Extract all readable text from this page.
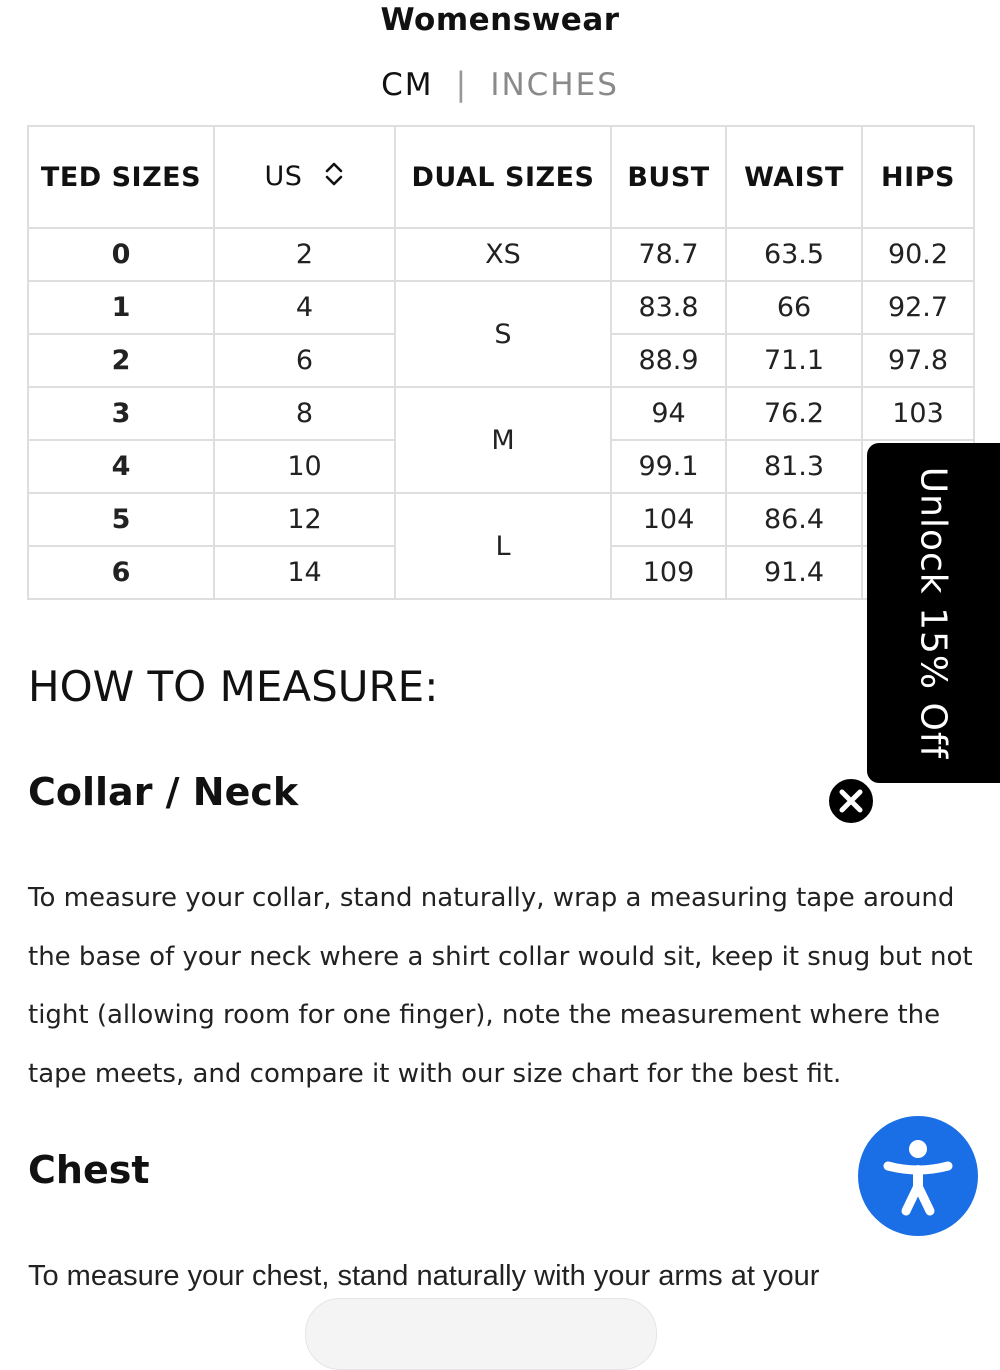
Womenswear
CM | INCHES
TED SIZES	US	DUAL SIZES	BUST	WAIST	HIPS
0	2	XS	78.7	63.5	90.2
1	4	S	83.8	66	92.7
2	6		88.9	71.1	97.8
3	8	M	94	76.2	103
4	10		99.1	81.3	
5	12	L	104	86.4	
6	14		109	91.4	
HOW TO MEASURE:
Collar / Neck

To measure your collar, stand naturally, wrap a measuring tape around the base of your neck where a shirt collar would sit, keep it snug but not tight (allowing room for one finger), note the measurement where the tape meets, and compare it with our size chart for the best fit.

Chest

To measure your chest, stand naturally with your arms at your

Unlock 15% Off
